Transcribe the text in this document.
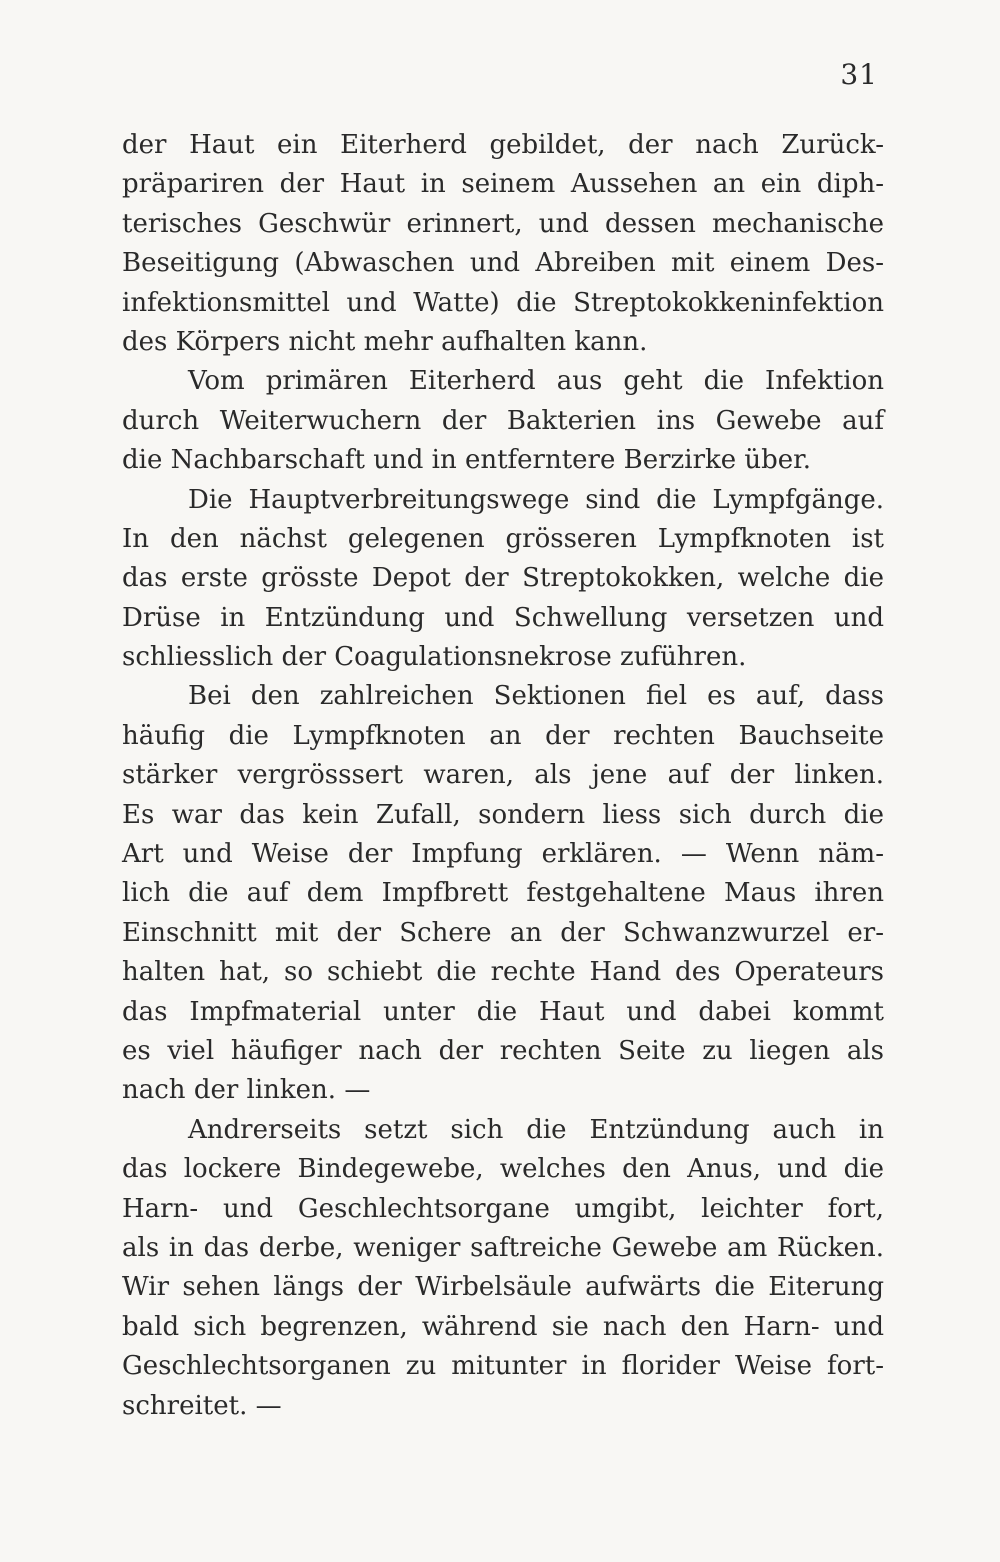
31
der Haut ein Eiterherd gebildet, der nach Zurück-
präpariren der Haut in seinem Aussehen an ein diph-
terisches Geschwür erinnert, und dessen mechanische
Beseitigung (Abwaschen und Abreiben mit einem Des-
infektionsmittel und Watte) die Streptokokkeninfektion
des Körpers nicht mehr aufhalten kann.
Vom primären Eiterherd aus geht die Infektion
durch Weiterwuchern der Bakterien ins Gewebe auf
die Nachbarschaft und in entferntere Berzirke über.
Die Hauptverbreitungswege sind die Lympfgänge.
In den nächst gelegenen grösseren Lympfknoten ist
das erste grösste Depot der Streptokokken, welche die
Drüse in Entzündung und Schwellung versetzen und
schliesslich der Coagulationsnekrose zuführen.
Bei den zahlreichen Sektionen fiel es auf, dass
häufig die Lympfknoten an der rechten Bauchseite
stärker vergrösssert waren, als jene auf der linken.
Es war das kein Zufall, sondern liess sich durch die
Art und Weise der Impfung erklären. — Wenn näm-
lich die auf dem Impfbrett festgehaltene Maus ihren
Einschnitt mit der Schere an der Schwanzwurzel er-
halten hat, so schiebt die rechte Hand des Operateurs
das Impfmaterial unter die Haut und dabei kommt
es viel häufiger nach der rechten Seite zu liegen als
nach der linken. —
Andrerseits setzt sich die Entzündung auch in
das lockere Bindegewebe, welches den Anus, und die
Harn- und Geschlechtsorgane umgibt, leichter fort,
als in das derbe, weniger saftreiche Gewebe am Rücken.
Wir sehen längs der Wirbelsäule aufwärts die Eiterung
bald sich begrenzen, während sie nach den Harn- und
Geschlechtsorganen zu mitunter in florider Weise fort-
schreitet. —
